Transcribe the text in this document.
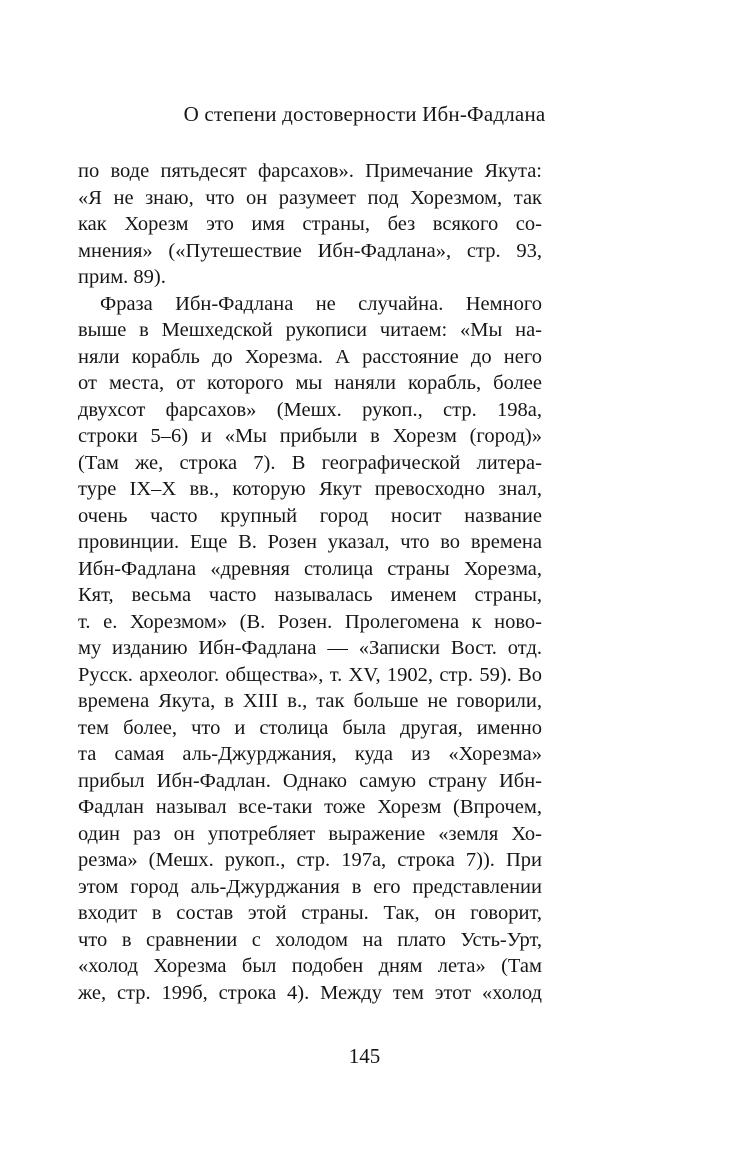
О степени достоверности Ибн-Фадлана
по воде пятьдесят фарсахов». Примечание Якута:
«Я не знаю, что он разумеет под Хорезмом, так
как Хорезм это имя страны, без всякого со-
мнения» («Путешествие Ибн-Фадлана», стр. 93,
прим. 89).
Фраза Ибн-Фадлана не случайна. Немного
выше в Мешхедской рукописи читаем: «Мы на-
няли корабль до Хорезма. А расстояние до него
от места, от которого мы наняли корабль, более
двухсот фарсахов» (Мешх. рукоп., стр. 198а,
строки 5–6) и «Мы прибыли в Хорезм (город)»
(Там же, строка 7). В географической литера-
туре IX–X вв., которую Якут превосходно знал,
очень часто крупный город носит название
провинции. Еще В. Розен указал, что во времена
Ибн-Фадлана «древняя столица страны Хорезма,
Кят, весьма часто называлась именем страны,
т. е. Хорезмом» (В. Розен. Пролегомена к ново-
му изданию Ибн-Фадлана — «Записки Вост. отд.
Русск. археолог. общества», т. XV, 1902, стр. 59). Во
времена Якута, в XIII в., так больше не говорили,
тем более, что и столица была другая, именно
та самая аль-Джурджания, куда из «Хорезма»
прибыл Ибн-Фадлан. Однако самую страну Ибн-
Фадлан называл все-таки тоже Хорезм (Впрочем,
один раз он употребляет выражение «земля Хо-
резма» (Мешх. рукоп., стр. 197а, строка 7)). При
этом город аль-Джурджания в его представлении
входит в состав этой страны. Так, он говорит,
что в сравнении с холодом на плато Усть-Урт,
«холод Хорезма был подобен дням лета» (Там
же, стр. 199б, строка 4). Между тем этот «холод
145
